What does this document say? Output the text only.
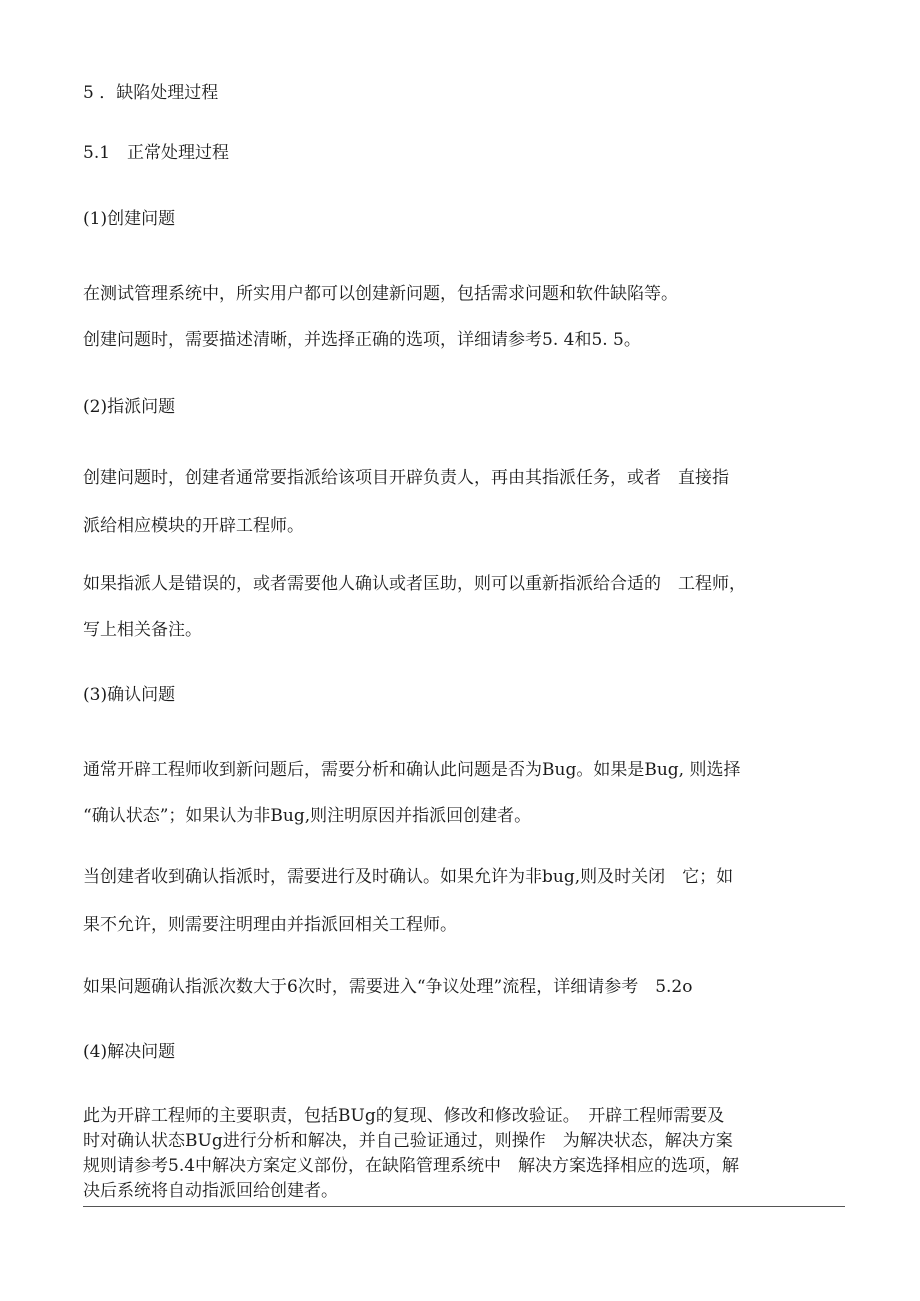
5 ．缺陷处理过程
5.1　正常处理过程
(1)创建问题
在测试管理系统中，所实用户都可以创建新问题，包括需求问题和软件缺陷等。
创建问题时，需要描述清晰，并选择正确的选项，详细请参考5. 4和5. 5。
(2)指派问题
创建问题时，创建者通常要指派给该项目开辟负责人，再由其指派任务，或者　直接指
派给相应模块的开辟工程师。
如果指派人是错误的，或者需要他人确认或者匡助，则可以重新指派给合适的　工程师，
写上相关备注。
(3)确认问题
通常开辟工程师收到新问题后，需要分析和确认此问题是否为Bug。如果是Bug, 则选择
“确认状态”；如果认为非Bug,则注明原因并指派回创建者。
当创建者收到确认指派时，需要进行及时确认。如果允许为非bug,则及时关闭　它；如
果不允许，则需要注明理由并指派回相关工程师。
如果问题确认指派次数大于6次时，需要进入“争议处理”流程，详细请参考　5.2o
(4)解决问题
此为开辟工程师的主要职责，包括BUg的复现、修改和修改验证。　开辟工程师需要及
时对确认状态BUg进行分析和解决，并自己验证通过，则操作　为解决状态，解决方案
规则请参考5.4中解决方案定义部份，在缺陷管理系统中　解决方案选择相应的选项，解
决后系统将自动指派回给创建者。
